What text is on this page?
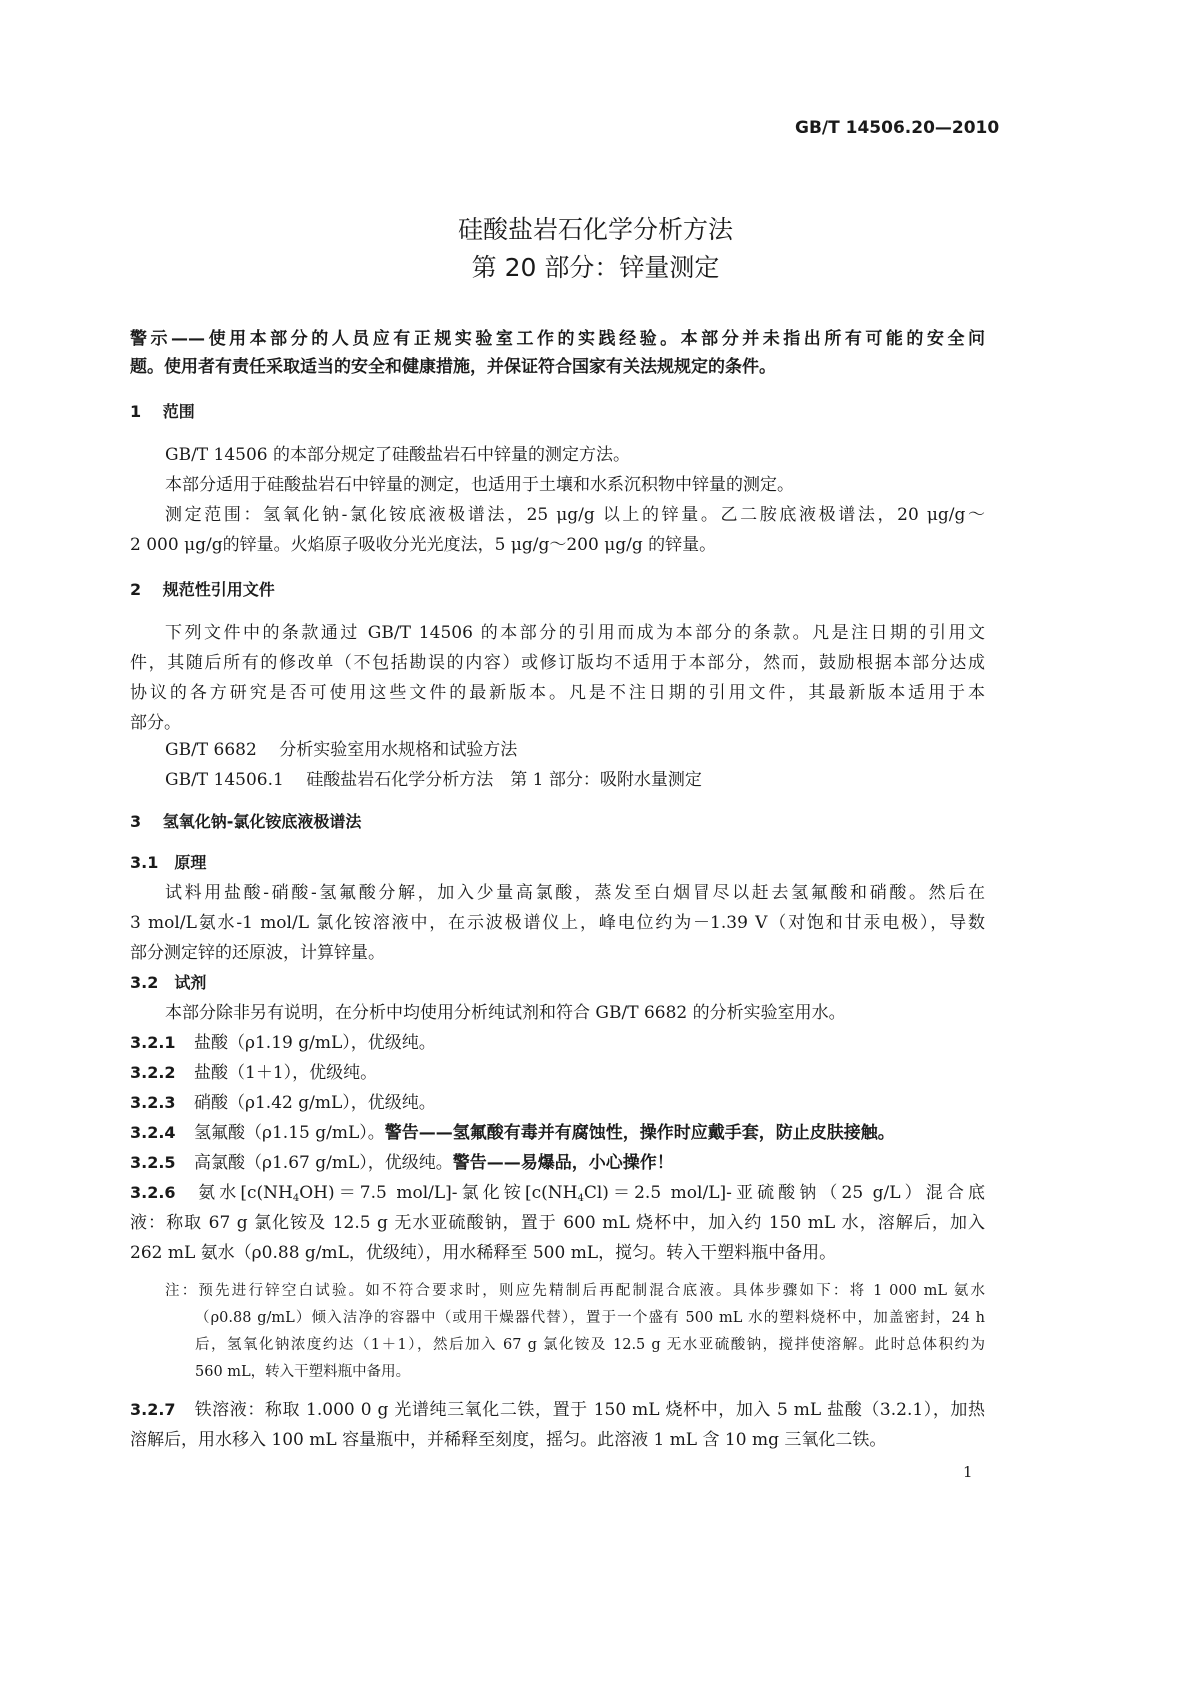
GB/T 14506.20—2010
硅酸盐岩石化学分析方法
第 20 部分：锌量测定
警示——使用本部分的人员应有正规实验室工作的实践经验。本部分并未指出所有可能的安全问
题。使用者有责任采取适当的安全和健康措施，并保证符合国家有关法规规定的条件。
1　 范围
GB/T 14506 的本部分规定了硅酸盐岩石中锌量的测定方法。
本部分适用于硅酸盐岩石中锌量的测定，也适用于土壤和水系沉积物中锌量的测定。
测定范围：氢氧化钠-氯化铵底液极谱法，25 μg/g 以上的锌量。乙二胺底液极谱法，20 μg/g～
2 000 μg/g的锌量。火焰原子吸收分光光度法，5 μg/g～200 μg/g 的锌量。
2　 规范性引用文件
下列文件中的条款通过 GB/T 14506 的本部分的引用而成为本部分的条款。凡是注日期的引用文
件，其随后所有的修改单（不包括勘误的内容）或修订版均不适用于本部分，然而，鼓励根据本部分达成
协议的各方研究是否可使用这些文件的最新版本。凡是不注日期的引用文件，其最新版本适用于本
部分。
GB/T 6682　 分析实验室用水规格和试验方法
GB/T 14506.1　 硅酸盐岩石化学分析方法　第 1 部分：吸附水量测定
3　 氢氧化钠-氯化铵底液极谱法
3.1　 原理
试料用盐酸-硝酸-氢氟酸分解，加入少量高氯酸，蒸发至白烟冒尽以赶去氢氟酸和硝酸。然后在
3 mol/L氨水-1 mol/L 氯化铵溶液中，在示波极谱仪上，峰电位约为－1.39 V（对饱和甘汞电极），导数
部分测定锌的还原波，计算锌量。
3.2　 试剂
本部分除非另有说明，在分析中均使用分析纯试剂和符合 GB/T 6682 的分析实验室用水。
3.2.1 盐酸（ρ1.19 g/mL），优级纯。
3.2.2 盐酸（1＋1），优级纯。
3.2.3 硝酸（ρ1.42 g/mL），优级纯。
3.2.4 氢氟酸（ρ1.15 g/mL）。警告——氢氟酸有毒并有腐蚀性，操作时应戴手套，防止皮肤接触。
3.2.5 高氯酸（ρ1.67 g/mL），优级纯。警告——易爆品，小心操作！
3.2.6 氨水[$c(NH_4OH)=7.5$ mol/L]-氯化铵[$c(NH_4Cl)=2.5$ mol/L]-亚硫酸钠（25 g/L）混合底
液：称取 67 g 氯化铵及 12.5 g 无水亚硫酸钠，置于 600 mL 烧杯中，加入约 150 mL 水，溶解后，加入
262 mL 氨水（ρ0.88 g/mL，优级纯），用水稀释至 500 mL，搅匀。转入干塑料瓶中备用。
注：预先进行锌空白试验。如不符合要求时，则应先精制后再配制混合底液。具体步骤如下：将 1 000 mL 氨水
（ρ0.88 g/mL）倾入洁净的容器中（或用干燥器代替），置于一个盛有 500 mL 水的塑料烧杯中，加盖密封，24 h
后，氢氧化钠浓度约达（1＋1），然后加入 67 g 氯化铵及 12.5 g 无水亚硫酸钠，搅拌使溶解。此时总体积约为
560 mL，转入干塑料瓶中备用。
3.2.7 铁溶液：称取 1.000 0 g 光谱纯三氧化二铁，置于 150 mL 烧杯中，加入 5 mL 盐酸（3.2.1），加热
溶解后，用水移入 100 mL 容量瓶中，并稀释至刻度，摇匀。此溶液 1 mL 含 10 mg 三氧化二铁。
1
